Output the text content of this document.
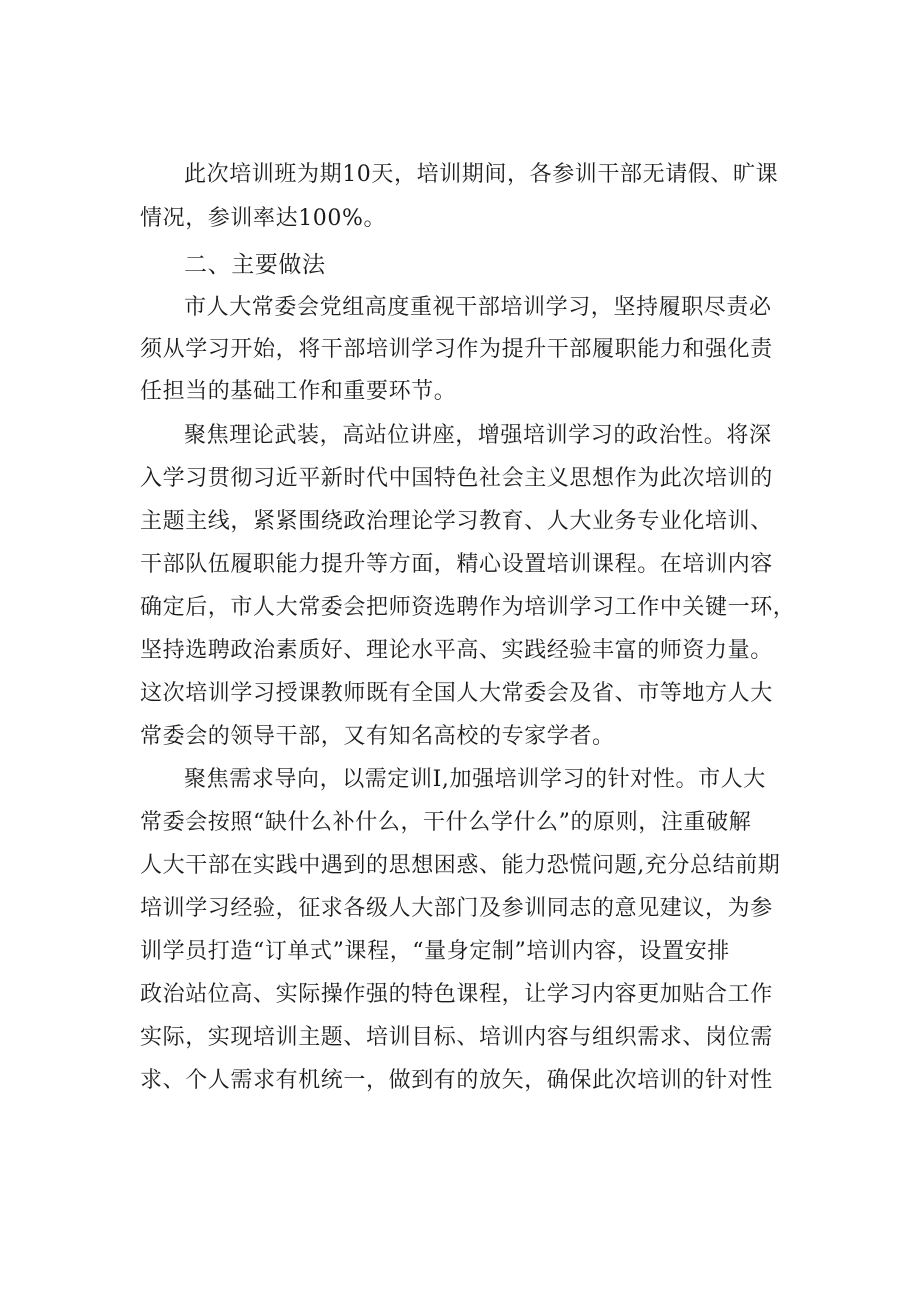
此次培训班为期10天，培训期间，各参训干部无请假、旷课
情况，参训率达100%。
二、主要做法
市人大常委会党组高度重视干部培训学习，坚持履职尽责必
须从学习开始，将干部培训学习作为提升干部履职能力和强化责
任担当的基础工作和重要环节。
聚焦理论武装，高站位讲座，增强培训学习的政治性。将深
入学习贯彻习近平新时代中国特色社会主义思想作为此次培训的
主题主线，紧紧围绕政治理论学习教育、人大业务专业化培训、
干部队伍履职能力提升等方面，精心设置培训课程。在培训内容
确定后，市人大常委会把师资选聘作为培训学习工作中关键一环，
坚持选聘政治素质好、理论水平高、实践经验丰富的师资力量。
这次培训学习授课教师既有全国人大常委会及省、市等地方人大
常委会的领导干部，又有知名高校的专家学者。
聚焦需求导向，以需定训I,加强培训学习的针对性。市人大
常委会按照“缺什么补什么，干什么学什么”的原则，注重破解
人大干部在实践中遇到的思想困惑、能力恐慌问题,充分总结前期
培训学习经验，征求各级人大部门及参训同志的意见建议，为参
训学员打造“订单式”课程，“量身定制”培训内容，设置安排
政治站位高、实际操作强的特色课程，让学习内容更加贴合工作
实际，实现培训主题、培训目标、培训内容与组织需求、岗位需
求、个人需求有机统一，做到有的放矢，确保此次培训的针对性
